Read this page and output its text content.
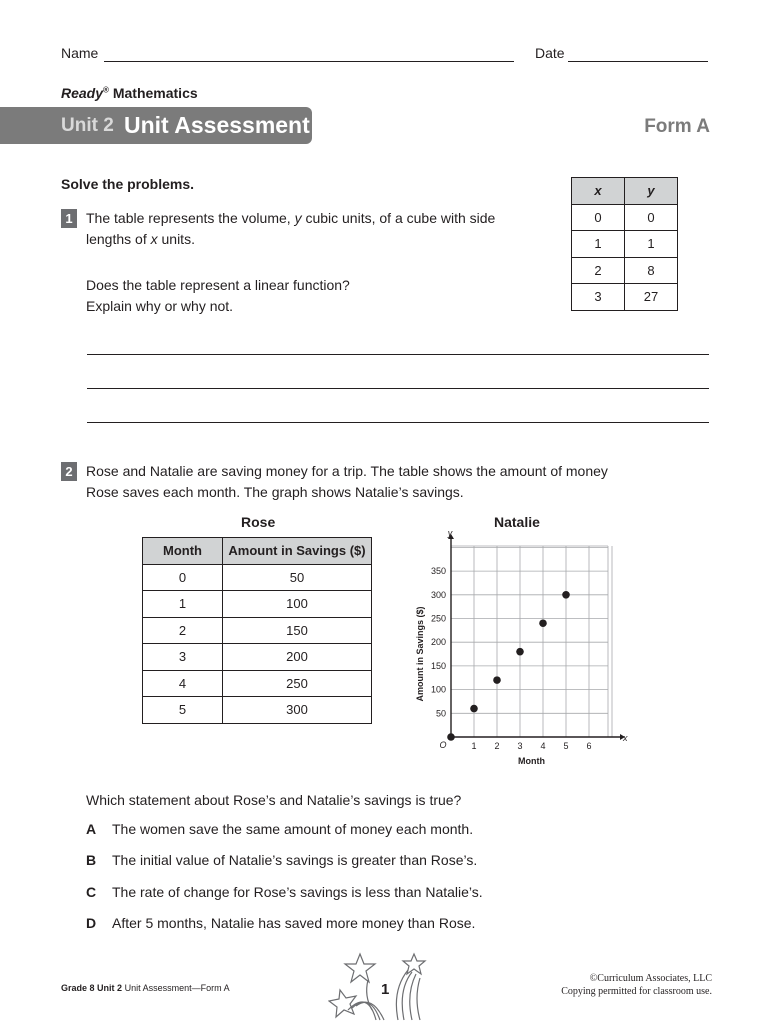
Name	Date
Ready® Mathematics
Unit 2 Unit Assessment	Form A
Solve the problems.
1 The table represents the volume, y cubic units, of a cube with side
lengths of x units.
Does the table represent a linear function?
Explain why or why not.
x	y
0	0
1	1
2	8
3	27
2 Rose and Natalie are saving money for a trip. The table shows the amount of money
Rose saves each month. The graph shows Natalie’s savings.
Rose	Natalie
Month	Amount in Savings ($)
0	50
1	100
2	150
3	200
4	250
5	300
1 2 3 4 5 6
50
100
150
200
250
300
350
O
x
y
Month
Amount in Savings ($)
Which statement about Rose’s and Natalie’s savings is true?
A The women save the same amount of money each month.
B The initial value of Natalie’s savings is greater than Rose’s.
C The rate of change for Rose’s savings is less than Natalie’s.
D After 5 months, Natalie has saved more money than Rose.
Grade 8 Unit 2 Unit Assessment—Form A	1
©Curriculum Associates, LLC
Copying permitted for classroom use.
